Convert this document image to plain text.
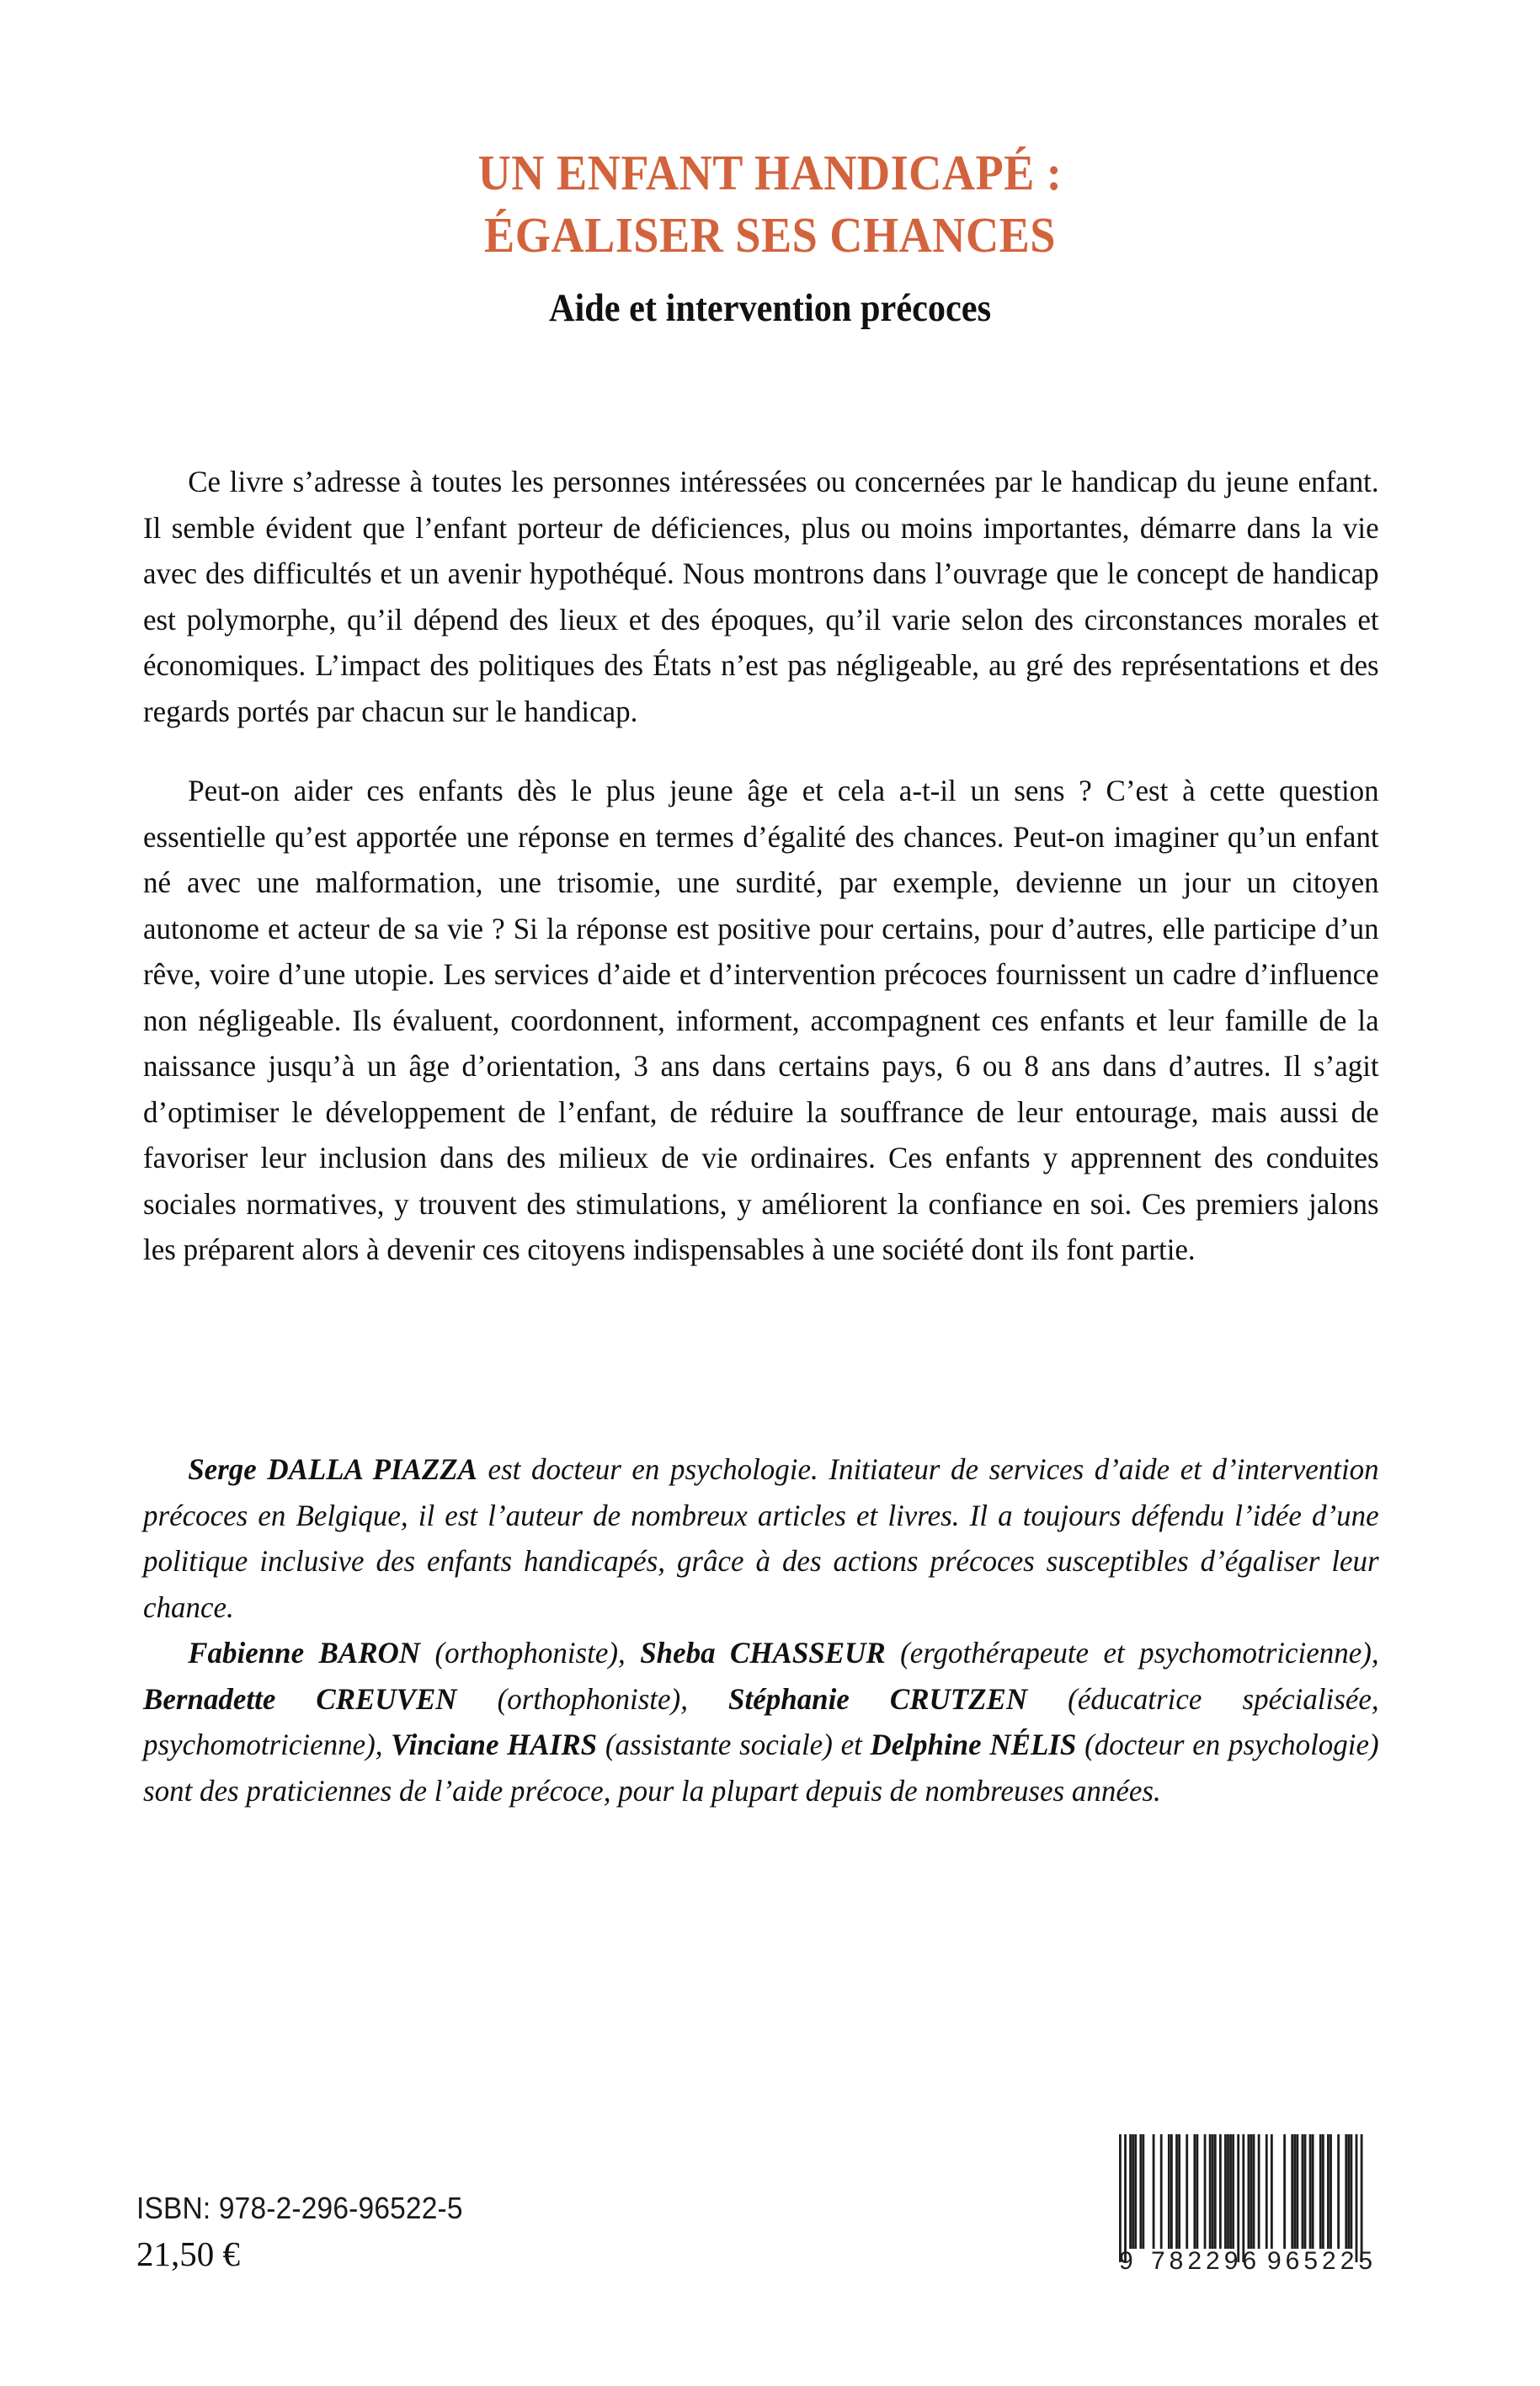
UN ENFANT HANDICAPÉ :
ÉGALISER SES CHANCES
Aide et intervention précoces

Ce livre s’adresse à toutes les personnes intéressées ou concernées par le handicap du jeune enfant. Il semble évident que l’enfant porteur de déficiences, plus ou moins importantes, démarre dans la vie avec des difficultés et un avenir hypothéqué. Nous montrons dans l’ouvrage que le concept de handicap est polymorphe, qu’il dépend des lieux et des époques, qu’il varie selon des circonstances morales et économiques. L’impact des politiques des États n’est pas négligeable, au gré des représentations et des regards portés par chacun sur le handicap.

Peut-on aider ces enfants dès le plus jeune âge et cela a-t-il un sens ? C’est à cette question essentielle qu’est apportée une réponse en termes d’égalité des chances. Peut-on imaginer qu’un enfant né avec une malformation, une trisomie, une surdité, par exemple, devienne un jour un citoyen autonome et acteur de sa vie ? Si la réponse est positive pour certains, pour d’autres, elle participe d’un rêve, voire d’une utopie. Les services d’aide et d’intervention précoces fournissent un cadre d’influence non négligeable. Ils évaluent, coordonnent, informent, accompagnent ces enfants et leur famille de la naissance jusqu’à un âge d’orientation, 3 ans dans certains pays, 6 ou 8 ans dans d’autres. Il s’agit d’optimiser le développement de l’enfant, de réduire la souffrance de leur entourage, mais aussi de favoriser leur inclusion dans des milieux de vie ordinaires. Ces enfants y apprennent des conduites sociales normatives, y trouvent des stimulations, y améliorent la confiance en soi. Ces premiers jalons les préparent alors à devenir ces citoyens indispensables à une société dont ils font partie.

Serge DALLA PIAZZA est docteur en psychologie. Initiateur de services d’aide et d’intervention précoces en Belgique, il est l’auteur de nombreux articles et livres. Il a toujours défendu l’idée d’une politique inclusive des enfants handicapés, grâce à des actions précoces susceptibles d’égaliser leur chance.

Fabienne BARON (orthophoniste), Sheba CHASSEUR (ergothérapeute et psychomotricienne), Bernadette CREUVEN (orthophoniste), Stéphanie CRUTZEN (éducatrice spécialisée, psychomotricienne), Vinciane HAIRS (assistante sociale) et Delphine NÉLIS (docteur en psychologie) sont des praticiennes de l’aide précoce, pour la plupart depuis de nombreuses années.

ISBN: 978-2-296-96522-5
21,50 €	9 782296 965225
